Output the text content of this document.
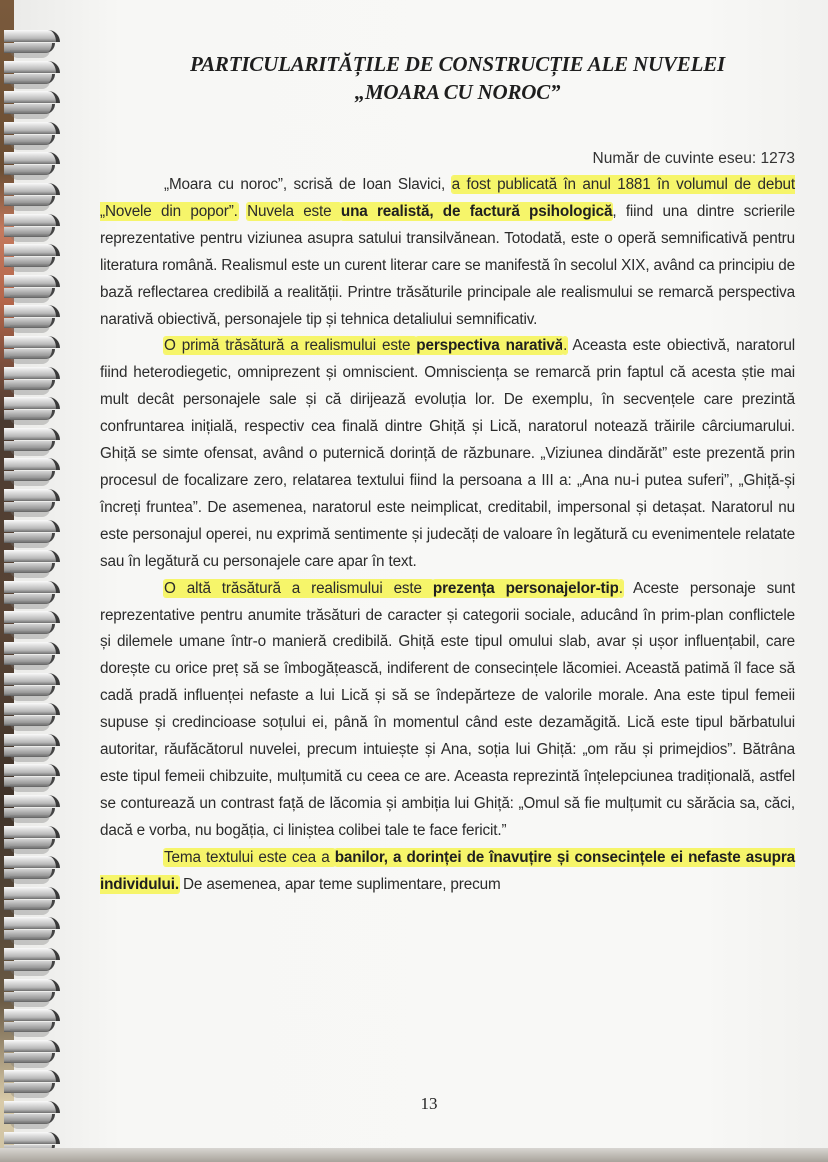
PARTICULARITĂȚILE DE CONSTRUCȚIE ALE NUVELEI
„MOARA CU NOROC”
Număr de cuvinte eseu: 1273

„Moara cu noroc”, scrisă de Ioan Slavici, a fost publicată în anul 1881 în volumul de debut „Novele din popor”. Nuvela este una realistă, de factură psihologică, fiind una dintre scrierile reprezentative pentru viziunea asupra satului transilvănean. Totodată, este o operă semnificativă pentru literatura română. Realismul este un curent literar care se manifestă în secolul XIX, având ca principiu de bază reflectarea credibilă a realității. Printre trăsăturile principale ale realismului se remarcă perspectiva narativă obiectivă, personajele tip și tehnica detaliului semnificativ.

O primă trăsătură a realismului este perspectiva narativă. Aceasta este obiectivă, naratorul fiind heterodiegetic, omniprezent și omniscient. Omnisciența se remarcă prin faptul că acesta știe mai mult decât personajele sale și că dirijează evoluția lor. De exemplu, în secvențele care prezintă confruntarea inițială, respectiv cea finală dintre Ghiță și Lică, naratorul notează trăirile cârciumarului. Ghiță se simte ofensat, având o puternică dorință de răzbunare. „Viziunea dindărăt” este prezentă prin procesul de focalizare zero, relatarea textului fiind la persoana a III a: „Ana nu-i putea suferi”, „Ghiță-și încreți fruntea”. De asemenea, naratorul este neimplicat, creditabil, impersonal și detașat. Naratorul nu este personajul operei, nu exprimă sentimente și judecăți de valoare în legătură cu evenimentele relatate sau în legătură cu personajele care apar în text.

O altă trăsătură a realismului este prezența personajelor-tip. Aceste personaje sunt reprezentative pentru anumite trăsături de caracter și categorii sociale, aducând în prim-plan conflictele și dilemele umane într-o manieră credibilă. Ghiță este tipul omului slab, avar și ușor influențabil, care dorește cu orice preț să se îmbogățească, indiferent de consecințele lăcomiei. Această patimă îl face să cadă pradă influenței nefaste a lui Lică și să se îndepărteze de valorile morale. Ana este tipul femeii supuse și credincioase soțului ei, până în momentul când este dezamăgită. Lică este tipul bărbatului autoritar, răufăcătorul nuvelei, precum intuiește și Ana, soția lui Ghiță: „om rău și primejdios”. Bătrâna este tipul femeii chibzuite, mulțumită cu ceea ce are. Aceasta reprezintă înțelepciunea tradițională, astfel se conturează un contrast față de lăcomia și ambiția lui Ghiță: „Omul să fie mulțumit cu sărăcia sa, căci, dacă e vorba, nu bogăția, ci liniștea colibei tale te face fericit.”

Tema textului este cea a banilor, a dorinței de înavuțire și consecințele ei nefaste asupra individului. De asemenea, apar teme suplimentare, precum

13
